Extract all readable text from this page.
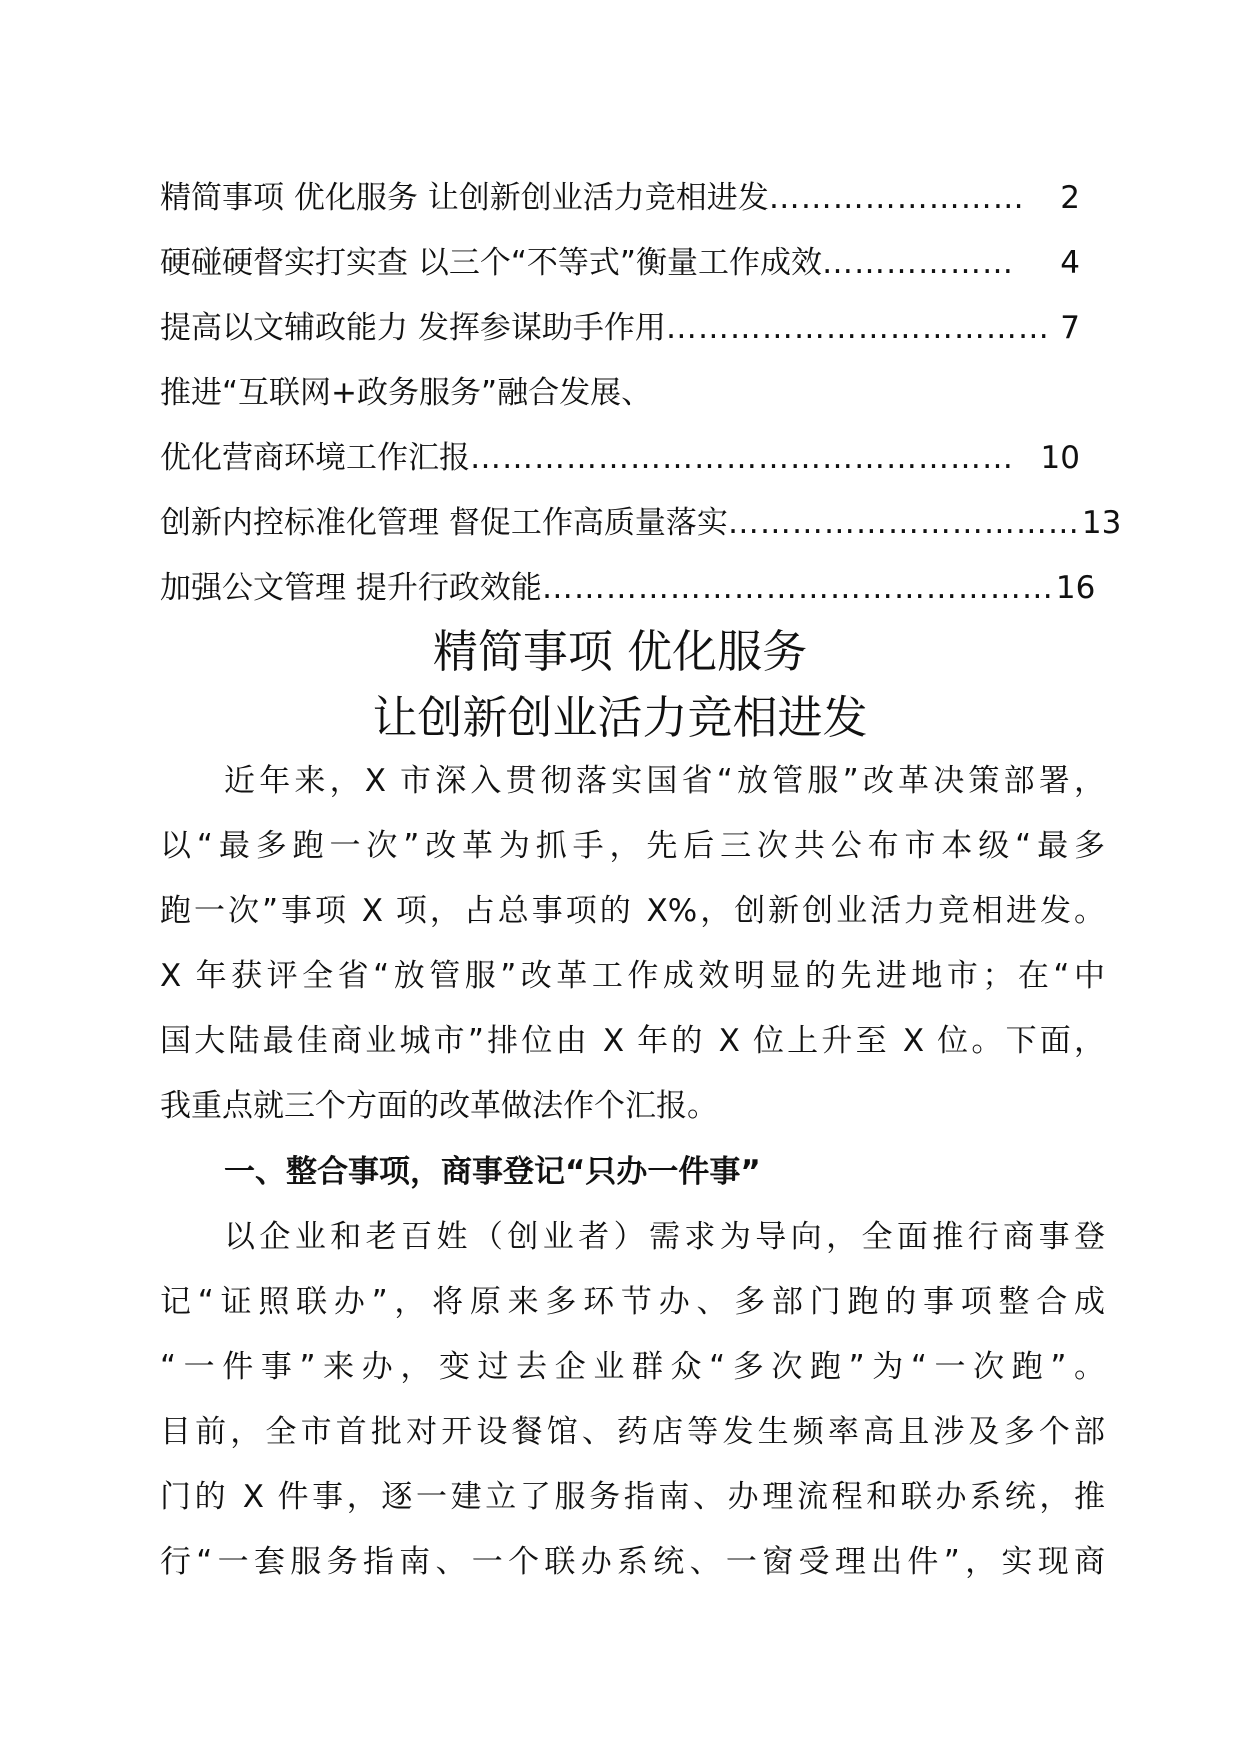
精简事项 优化服务 让创新创业活力竞相进发 ……………………	2
硬碰硬督实打实查 以三个“不等式”衡量工作成效 ………………	4
提高以文辅政能力 发挥参谋助手作用 ……………………………… 7
推进“互联网+政务服务”融合发展、
优化营商环境工作汇报 …………………………………………… 10
创新内控标准化管理 督促工作高质量落实 …………………………… 13
加强公文管理 提升行政效能 ………………………………………… 16
精简事项 优化服务
让创新创业活力竞相进发
近年来，X 市深入贯彻落实国省“放管服”改革决策部署，
以“最多跑一次”改革为抓手，先后三次共公布市本级“最多
跑一次”事项 X 项，占总事项的 X%，创新创业活力竞相进发。
X 年获评全省“放管服”改革工作成效明显的先进地市；在“中
国大陆最佳商业城市”排位由 X 年的 X 位上升至 X 位。下面，
我重点就三个方面的改革做法作个汇报。
一、整合事项，商事登记“只办一件事”
以企业和老百姓（创业者）需求为导向，全面推行商事登
记“证照联办”，将原来多环节办、多部门跑的事项整合成
“一件事”来办，变过去企业群众“多次跑”为“一次跑”。
目前，全市首批对开设餐馆、药店等发生频率高且涉及多个部
门的 X 件事，逐一建立了服务指南、办理流程和联办系统，推
行“一套服务指南、一个联办系统、一窗受理出件”，实现商
